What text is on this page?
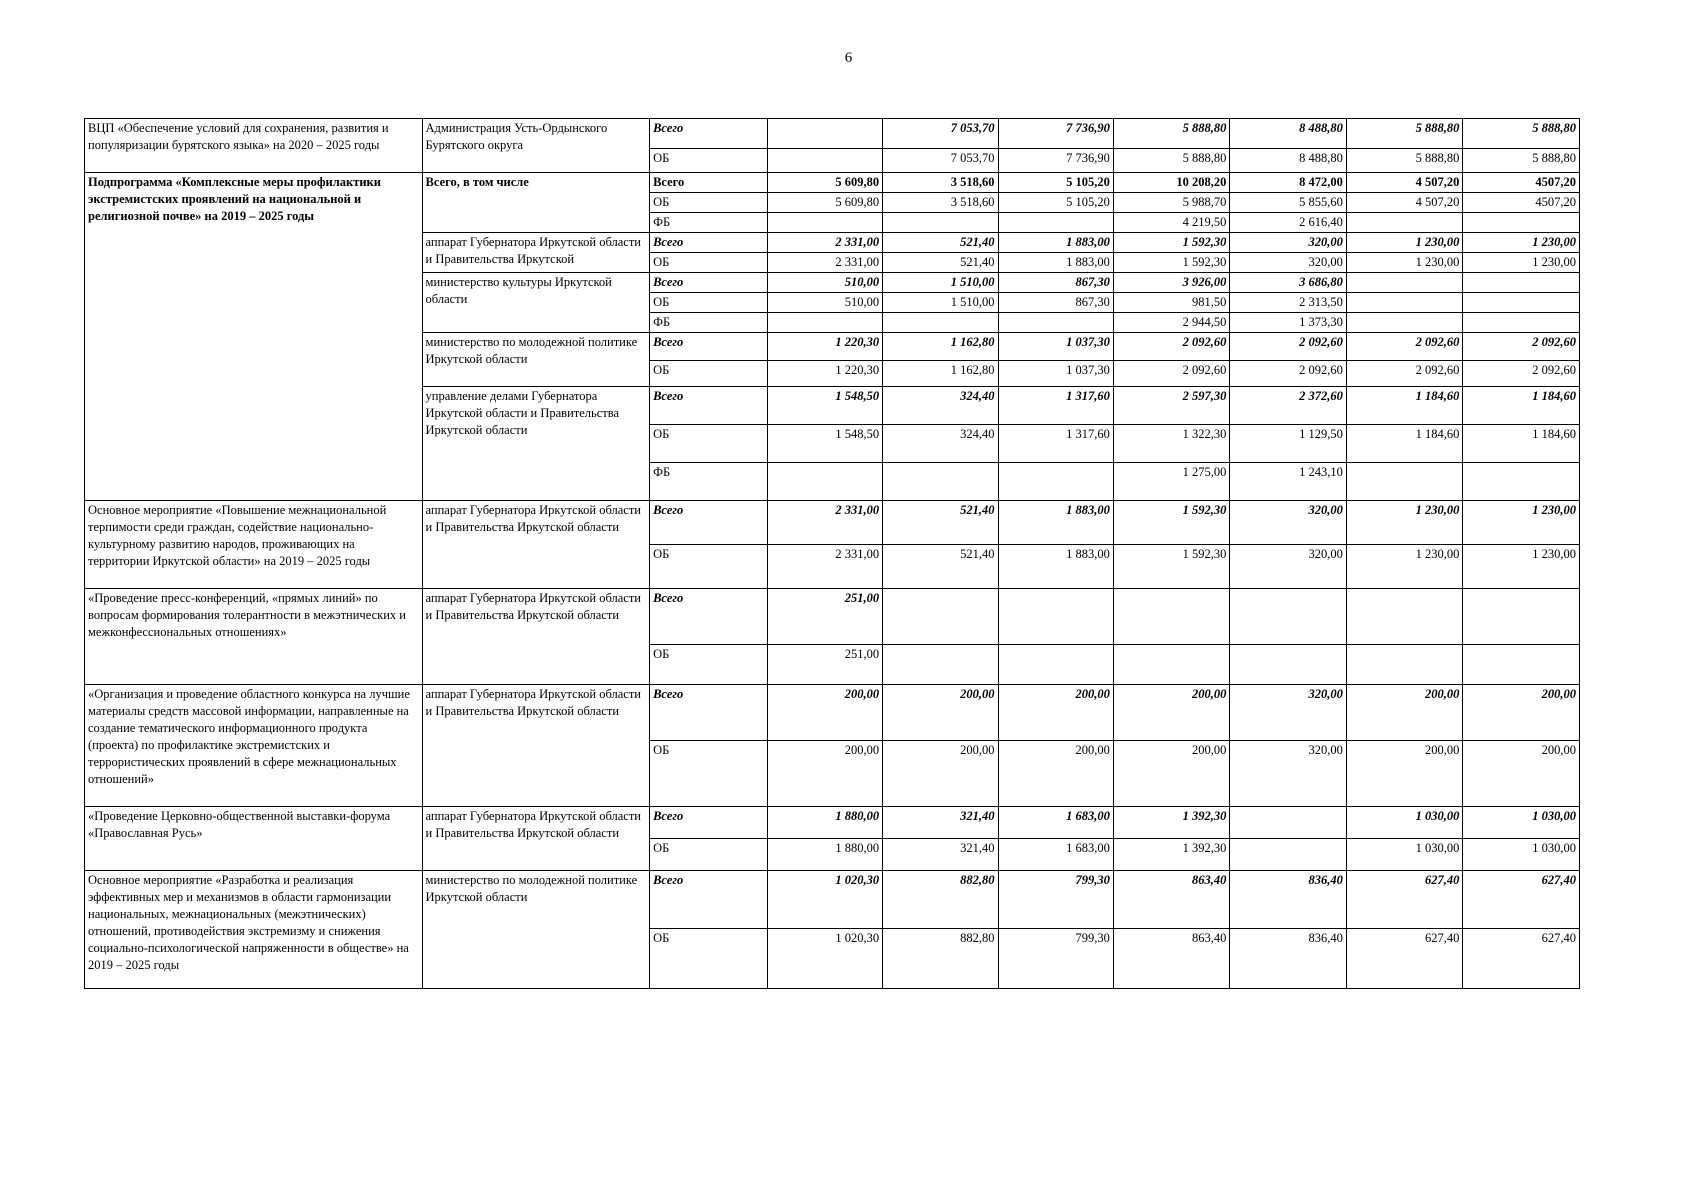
6
ВЦП «Обеспечение условий для сохранения, развития и популяризации бурятского языка» на 2020 – 2025 годы	Администрация Усть-Ордынского Бурятского округа	Всего		7 053,70	7 736,90	5 888,80	8 488,80	5 888,80	5 888,80
		ОБ		7 053,70	7 736,90	5 888,80	8 488,80	5 888,80	5 888,80
Подпрограмма «Комплексные меры профилактики экстремистских проявлений на национальной и религиозной почве» на 2019 – 2025 годы	Всего, в том числе	Всего	5 609,80	3 518,60	5 105,20	10 208,20	8 472,00	4 507,20	4507,20
		ОБ	5 609,80	3 518,60	5 105,20	5 988,70	5 855,60	4 507,20	4507,20
		ФБ				4 219,50	2 616,40		
	аппарат Губернатора Иркутской области и Правительства Иркутской	Всего	2 331,00	521,40	1 883,00	1 592,30	320,00	1 230,00	1 230,00
		ОБ	2 331,00	521,40	1 883,00	1 592,30	320,00	1 230,00	1 230,00
	министерство культуры Иркутской области	Всего	510,00	1 510,00	867,30	3 926,00	3 686,80		
		ОБ	510,00	1 510,00	867,30	981,50	2 313,50		
		ФБ				2 944,50	1 373,30		
	министерство по молодежной политике Иркутской области	Всего	1 220,30	1 162,80	1 037,30	2 092,60	2 092,60	2 092,60	2 092,60
		ОБ	1 220,30	1 162,80	1 037,30	2 092,60	2 092,60	2 092,60	2 092,60
	управление делами Губернатора Иркутской области и Правительства Иркутской области	Всего	1 548,50	324,40	1 317,60	2 597,30	2 372,60	1 184,60	1 184,60
		ОБ	1 548,50	324,40	1 317,60	1 322,30	1 129,50	1 184,60	1 184,60
		ФБ				1 275,00	1 243,10		
Основное мероприятие «Повышение межнациональной терпимости среди граждан, содействие национально-культурному развитию народов, проживающих на территории Иркутской области» на 2019 – 2025 годы	аппарат Губернатора Иркутской области и Правительства Иркутской области	Всего	2 331,00	521,40	1 883,00	1 592,30	320,00	1 230,00	1 230,00
		ОБ	2 331,00	521,40	1 883,00	1 592,30	320,00	1 230,00	1 230,00
«Проведение пресс-конференций, «прямых линий» по вопросам формирования толерантности в межэтнических и межконфессиональных отношениях»	аппарат Губернатора Иркутской области и Правительства Иркутской области	Всего	251,00						
		ОБ	251,00						
«Организация и проведение областного конкурса на лучшие материалы средств массовой информации, направленные на создание тематического информационного продукта (проекта) по профилактике экстремистских и террористических проявлений в сфере межнациональных отношений»	аппарат Губернатора Иркутской области и Правительства Иркутской области	Всего	200,00	200,00	200,00	200,00	320,00	200,00	200,00
		ОБ	200,00	200,00	200,00	200,00	320,00	200,00	200,00
«Проведение Церковно-общественной выставки-форума «Православная Русь»	аппарат Губернатора Иркутской области и Правительства Иркутской области	Всего	1 880,00	321,40	1 683,00	1 392,30		1 030,00	1 030,00
		ОБ	1 880,00	321,40	1 683,00	1 392,30		1 030,00	1 030,00
Основное мероприятие «Разработка и реализация эффективных мер и механизмов в области гармонизации национальных, межнациональных (межэтнических) отношений, противодействия экстремизму и снижения социально-психологической напряженности в обществе» на 2019 – 2025 годы	министерство по молодежной политике Иркутской области	Всего	1 020,30	882,80	799,30	863,40	836,40	627,40	627,40
		ОБ	1 020,30	882,80	799,30	863,40	836,40	627,40	627,40
